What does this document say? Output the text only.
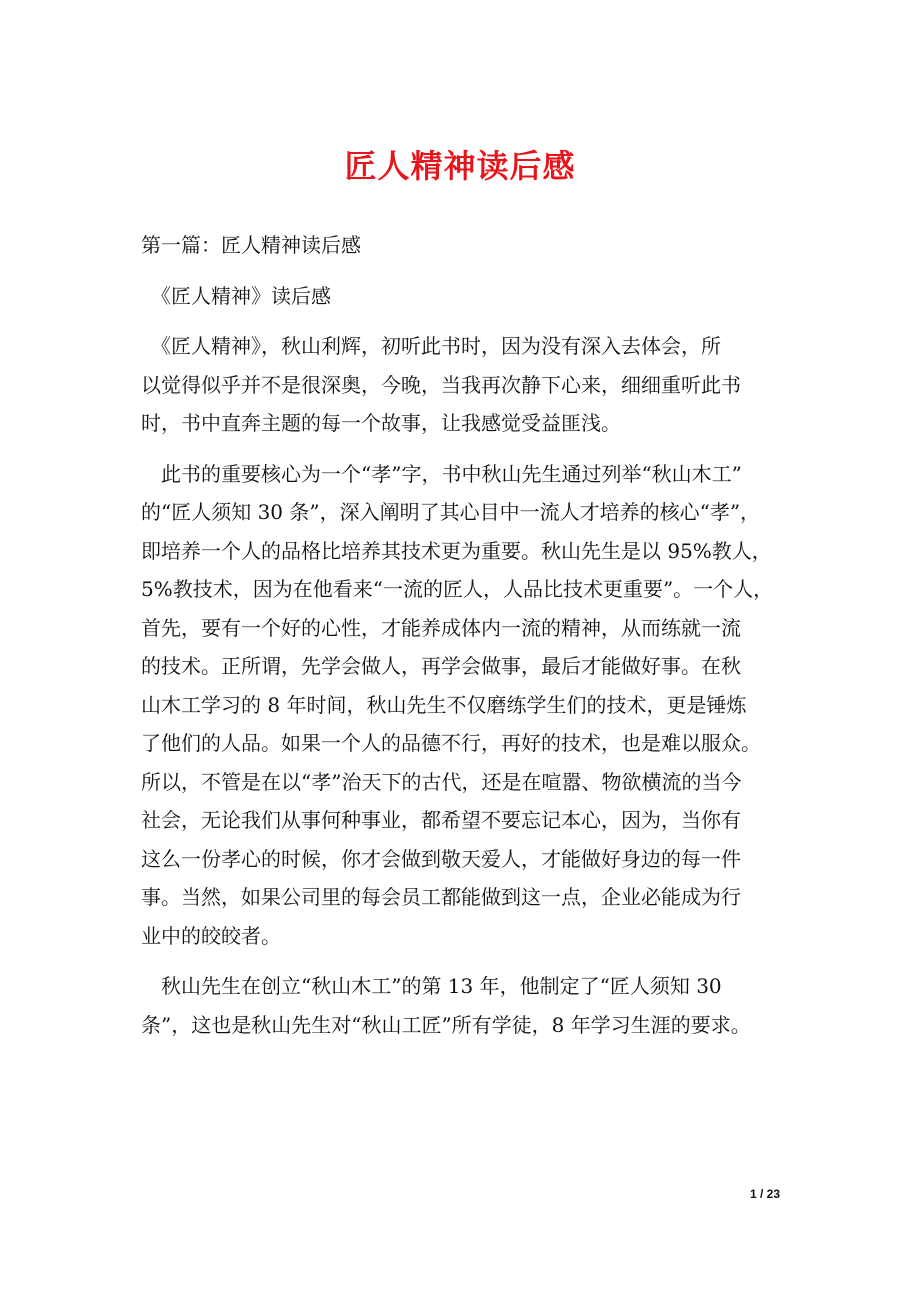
匠人精神读后感
第一篇：匠人精神读后感
　《匠人精神》读后感
　《匠人精神》，秋山利辉，初听此书时，因为没有深入去体会，所
以觉得似乎并不是很深奥，今晚，当我再次静下心来，细细重听此书
时，书中直奔主题的每一个故事，让我感觉受益匪浅。
　此书的重要核心为一个“孝”字，书中秋山先生通过列举“秋山木工”
的“匠人须知 30 条”，深入阐明了其心目中一流人才培养的核心“孝”，
即培养一个人的品格比培养其技术更为重要。秋山先生是以 95%教人，
5%教技术，因为在他看来“一流的匠人，人品比技术更重要”。一个人，
首先，要有一个好的心性，才能养成体内一流的精神，从而练就一流
的技术。正所谓，先学会做人，再学会做事，最后才能做好事。在秋
山木工学习的 8 年时间，秋山先生不仅磨练学生们的技术，更是锤炼
了他们的人品。如果一个人的品德不行，再好的技术，也是难以服众。
所以，不管是在以“孝”治天下的古代，还是在喧嚣、物欲横流的当今
社会，无论我们从事何种事业，都希望不要忘记本心，因为，当你有
这么一份孝心的时候，你才会做到敬天爱人，才能做好身边的每一件
事。当然，如果公司里的每会员工都能做到这一点，企业必能成为行
业中的皎皎者。
　秋山先生在创立“秋山木工”的第 13 年，他制定了“匠人须知 30
条”，这也是秋山先生对“秋山工匠”所有学徒，8 年学习生涯的要求。
1 / 23
